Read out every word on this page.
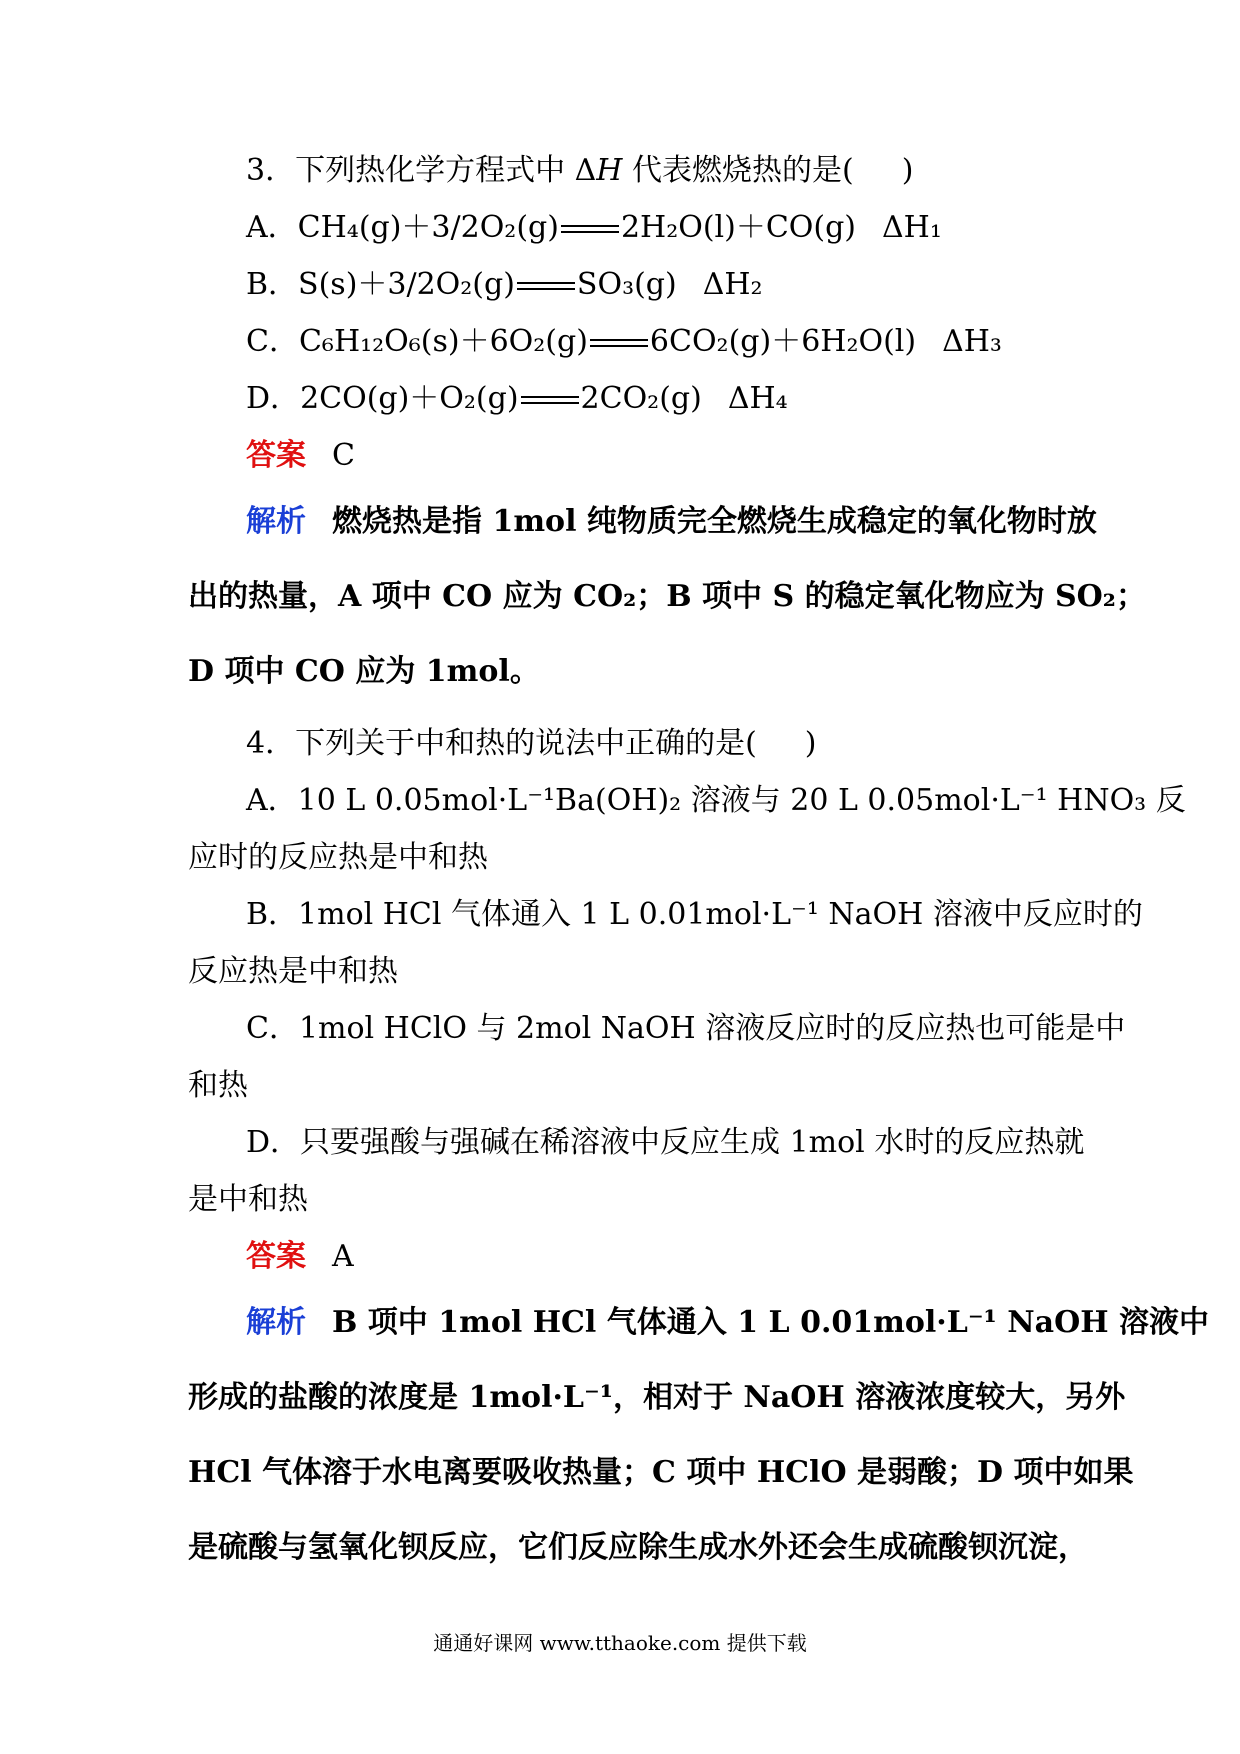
3．下列热化学方程式中 ΔH 代表燃烧热的是( )
A．CH₄(g)＋3/2O₂(g) 2H₂O(l)＋CO(g) ΔH₁
B．S(s)＋3/2O₂(g) SO₃(g) ΔH₂
C．C₆H₁₂O₆(s)＋6O₂(g) 6CO₂(g)＋6H₂O(l) ΔH₃
D．2CO(g)＋O₂(g) 2CO₂(g) ΔH₄
答案 C
解析 燃烧热是指 1mol 纯物质完全燃烧生成稳定的氧化物时放
出的热量，A 项中 CO 应为 CO₂；B 项中 S 的稳定氧化物应为 SO₂；
D 项中 CO 应为 1mol。
4．下列关于中和热的说法中正确的是( )
A．10 L 0.05mol·L⁻¹Ba(OH)₂ 溶液与 20 L 0.05mol·L⁻¹ HNO₃ 反
应时的反应热是中和热
B．1mol HCl 气体通入 1 L 0.01mol·L⁻¹ NaOH 溶液中反应时的
反应热是中和热
C．1mol HClO 与 2mol NaOH 溶液反应时的反应热也可能是中
和热
D．只要强酸与强碱在稀溶液中反应生成 1mol 水时的反应热就
是中和热
答案 A
解析 B 项中 1mol HCl 气体通入 1 L 0.01mol·L⁻¹ NaOH 溶液中
形成的盐酸的浓度是 1mol·L⁻¹，相对于 NaOH 溶液浓度较大，另外
HCl 气体溶于水电离要吸收热量；C 项中 HClO 是弱酸；D 项中如果
是硫酸与氢氧化钡反应，它们反应除生成水外还会生成硫酸钡沉淀，
通通好课网 www.tthaoke.com 提供下载
